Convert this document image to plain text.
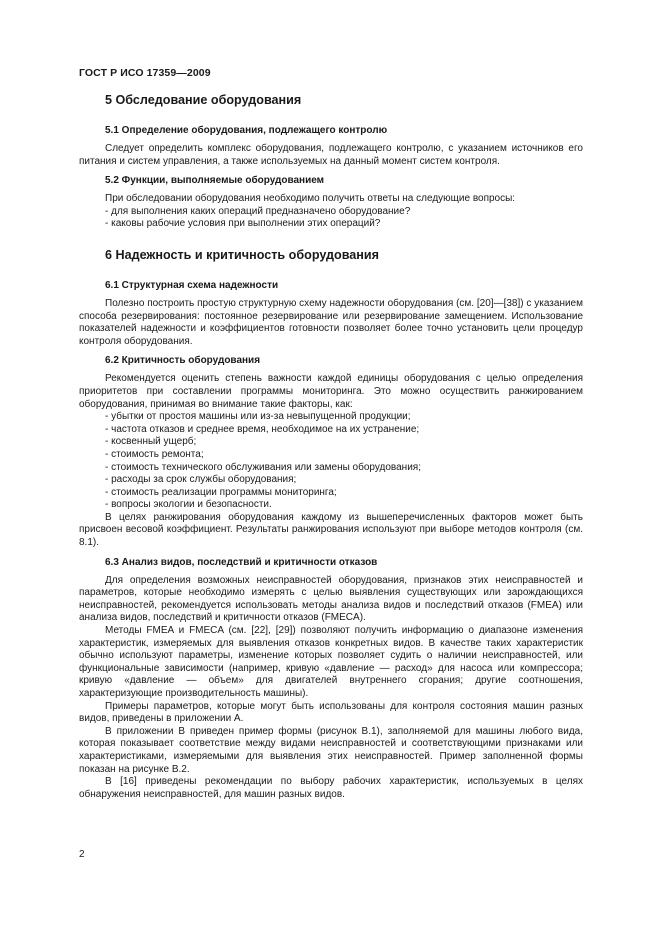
ГОСТ Р ИСО 17359—2009
5 Обследование оборудования
5.1 Определение оборудования, подлежащего контролю

Следует определить комплекс оборудования, подлежащего контролю, с указанием источников его питания и систем управления, а также используемых на данный момент систем контроля.

5.2 Функции, выполняемые оборудованием

При обследовании оборудования необходимо получить ответы на следующие вопросы:

- для выполнения каких операций предназначено оборудование?
- каковы рабочие условия при выполнении этих операций?
6 Надежность и критичность оборудования
6.1 Структурная схема надежности

Полезно построить простую структурную схему надежности оборудования (см. [20]—[38]) с указанием способа резервирования: постоянное резервирование или резервирование замещением. Использование показателей надежности и коэффициентов готовности позволяет более точно установить цели процедур контроля оборудования.

6.2 Критичность оборудования

Рекомендуется оценить степень важности каждой единицы оборудования с целью определения приоритетов при составлении программы мониторинга. Это можно осуществить ранжированием оборудования, принимая во внимание такие факторы, как:

- убытки от простоя машины или из-за невыпущенной продукции;
- частота отказов и среднее время, необходимое на их устранение;
- косвенный ущерб;
- стоимость ремонта;
- стоимость технического обслуживания или замены оборудования;
- расходы за срок службы оборудования;
- стоимость реализации программы мониторинга;
- вопросы экологии и безопасности.

В целях ранжирования оборудования каждому из вышеперечисленных факторов может быть присвоен весовой коэффициент. Результаты ранжирования используют при выборе методов контроля (см. 8.1).

6.3 Анализ видов, последствий и критичности отказов

Для определения возможных неисправностей оборудования, признаков этих неисправностей и параметров, которые необходимо измерять с целью выявления существующих или зарождающихся неисправностей, рекомендуется использовать методы анализа видов и последствий отказов (FMEA) или анализа видов, последствий и критичности отказов (FMECA).

Методы FMEA и FMECA (см. [22], [29]) позволяют получить информацию о диапазоне изменения характеристик, измеряемых для выявления отказов конкретных видов. В качестве таких характеристик обычно используют параметры, изменение которых позволяет судить о наличии неисправностей, или функциональные зависимости (например, кривую «давление — расход» для насоса или компрессора; кривую «давление — объем» для двигателей внутреннего сгорания; другие соотношения, характеризующие производительность машины).

Примеры параметров, которые могут быть использованы для контроля состояния машин разных видов, приведены в приложении А.

В приложении В приведен пример формы (рисунок В.1), заполняемой для машины любого вида, которая показывает соответствие между видами неисправностей и соответствующими признаками или характеристиками, измеряемыми для выявления этих неисправностей. Пример заполненной формы показан на рисунке В.2.

В [16] приведены рекомендации по выбору рабочих характеристик, используемых в целях обнаружения неисправностей, для машин разных видов.

2
